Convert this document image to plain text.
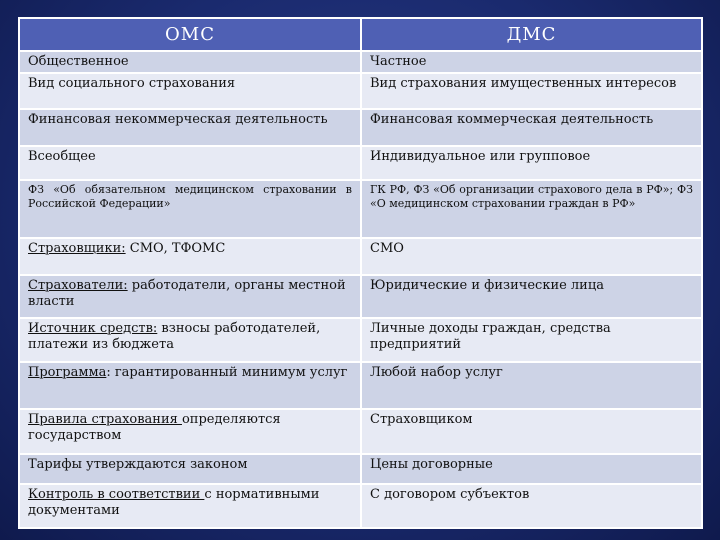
ОМС	ДМС
Общественное	Частное
Вид социального страхования	Вид страхования имущественных интересов
Финансовая некоммерческая деятельность	Финансовая коммерческая деятельность
Всеобщее	Индивидуальное или групповое
ФЗ «Об обязательном медицинском страховании в Российской Федерации»	ГК РФ, ФЗ «Об организации страхового дела в РФ»; ФЗ «О медицинском страховании граждан в РФ»
Страховщики: СМО, ТФОМС	СМО
Страхователи: работодатели, органы местной власти	Юридические и физические лица
Источник средств: взносы работодателей, платежи из бюджета	Личные доходы граждан, средства предприятий
Программа: гарантированный минимум услуг	Любой набор услуг
Правила страхования определяются государством	Страховщиком
Тарифы утверждаются законом	Цены договорные
Контроль в соответствии с нормативными документами	С договором субъектов
